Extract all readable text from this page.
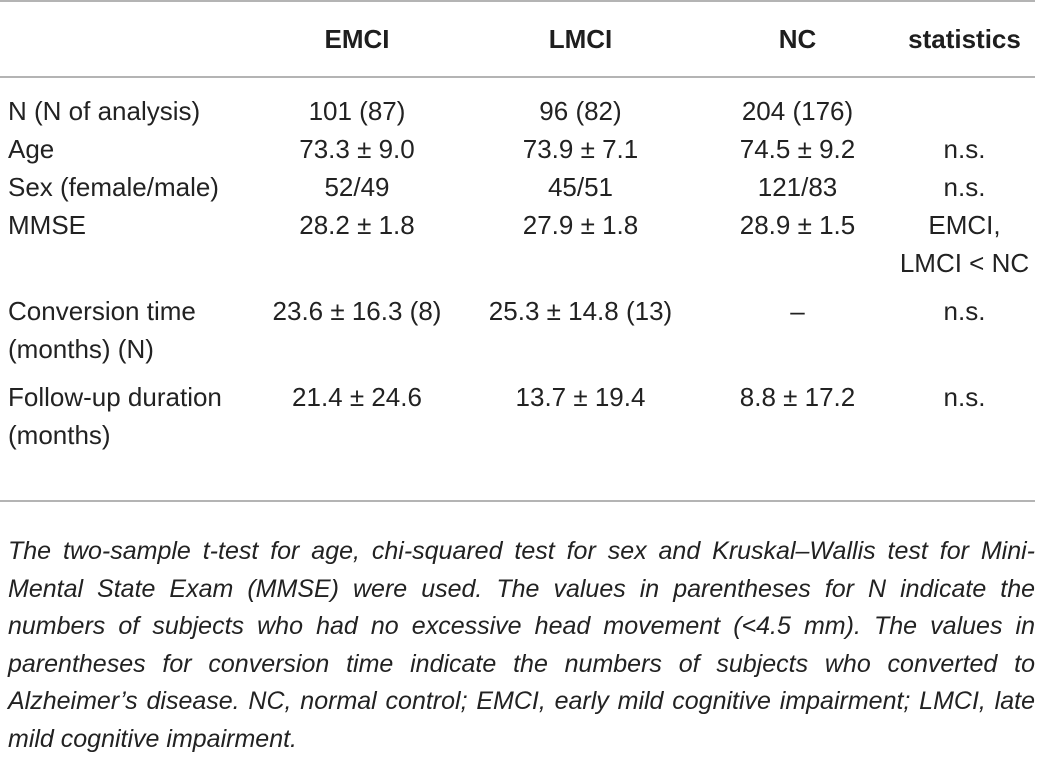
	EMCI	LMCI	NC	statistics
N (N of analysis)	101 (87)	96 (82)	204 (176)	
Age	73.3 ± 9.0	73.9 ± 7.1	74.5 ± 9.2	n.s.
Sex (female/male)	52/49	45/51	121/83	n.s.
MMSE	28.2 ± 1.8	27.9 ± 1.8	28.9 ± 1.5	EMCI, LMCI < NC
Conversion time (months) (N)	23.6 ± 16.3 (8)	25.3 ± 14.8 (13)	–	n.s.
Follow-up duration (months)	21.4 ± 24.6	13.7 ± 19.4	8.8 ± 17.2	n.s.

The two-sample t-test for age, chi-squared test for sex and Kruskal–Wallis test for Mini-Mental State Exam (MMSE) were used. The values in parentheses for N indicate the numbers of subjects who had no excessive head movement (<4.5 mm). The values in parentheses for conversion time indicate the numbers of subjects who converted to Alzheimer’s disease. NC, normal control; EMCI, early mild cognitive impairment; LMCI, late mild cognitive impairment.
